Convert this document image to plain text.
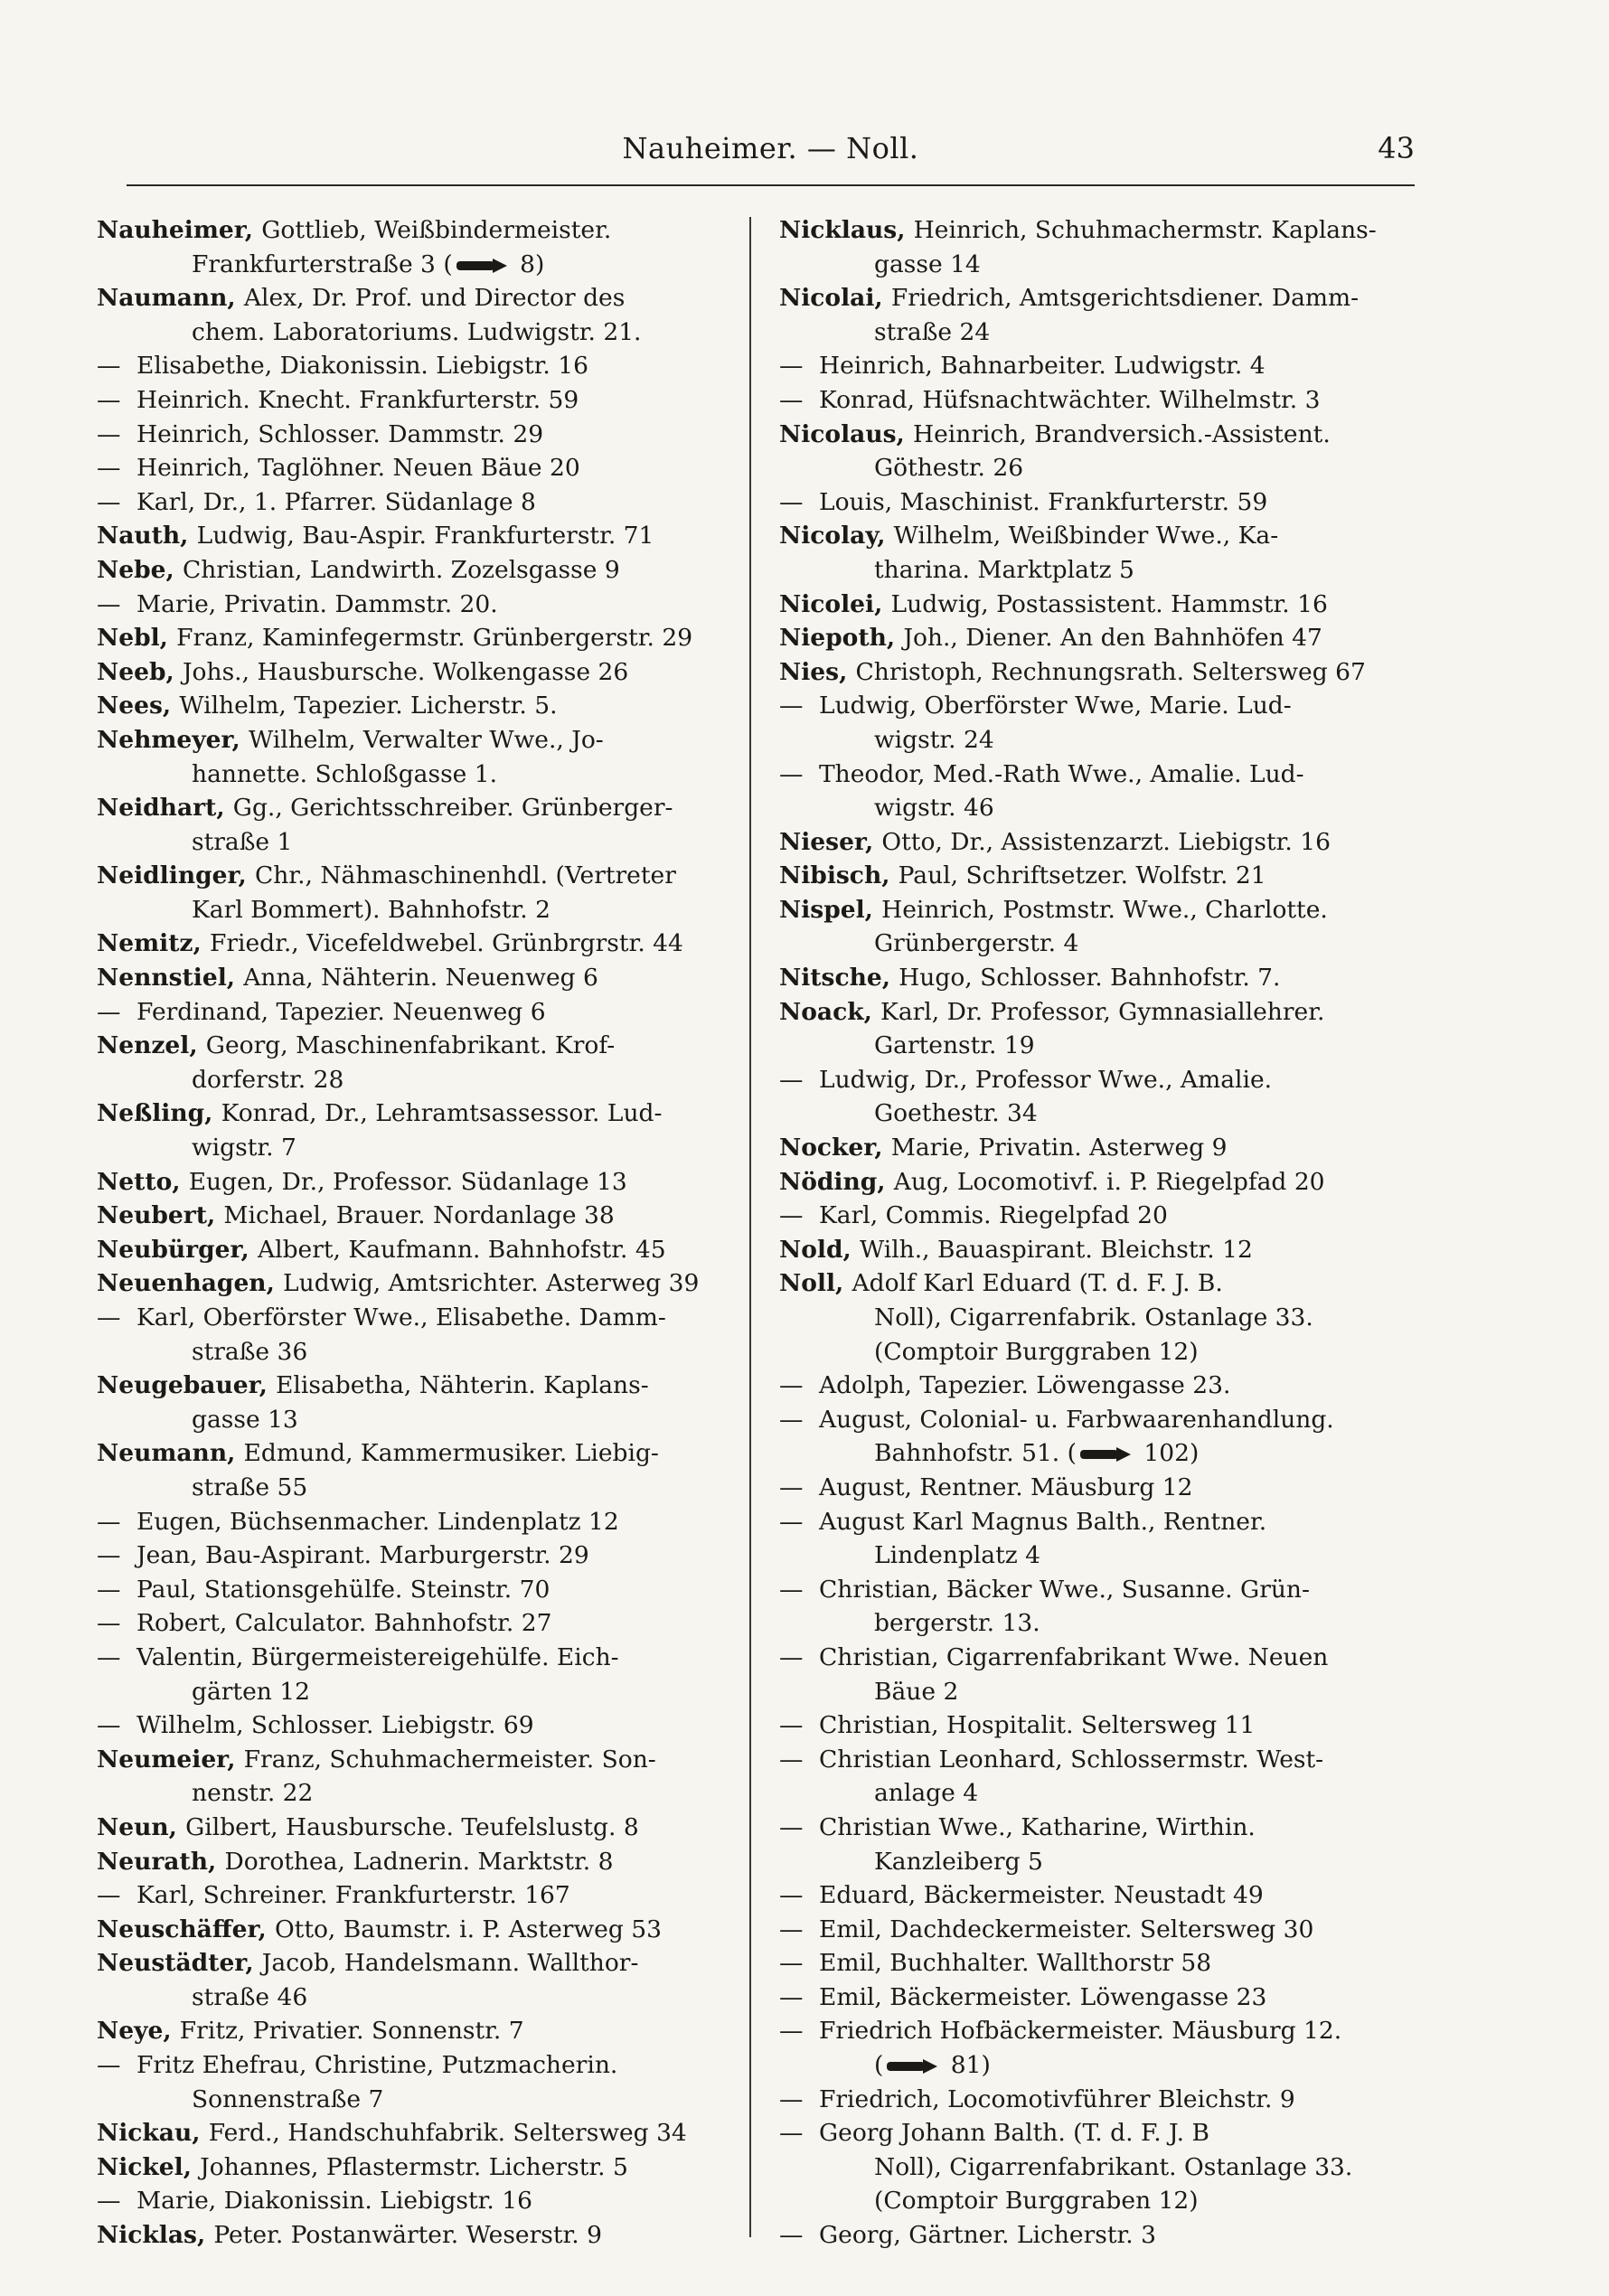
Nauheimer. — Noll.	43
Nauheimer, Gottlieb, Weißbindermeister.
Frankfurterstraße 3 ( 8)
Naumann, Alex, Dr. Prof. und Director des
chem. Laboratoriums. Ludwigstr. 21.
— Elisabethe, Diakonissin. Liebigstr. 16
— Heinrich. Knecht. Frankfurterstr. 59
— Heinrich, Schlosser. Dammstr. 29
— Heinrich, Taglöhner. Neuen Bäue 20
— Karl, Dr., 1. Pfarrer. Südanlage 8
Nauth, Ludwig, Bau-Aspir. Frankfurterstr. 71
Nebe, Christian, Landwirth. Zozelsgasse 9
— Marie, Privatin. Dammstr. 20.
Nebl, Franz, Kaminfegermstr. Grünbergerstr. 29
Neeb, Johs., Hausbursche. Wolkengasse 26
Nees, Wilhelm, Tapezier. Licherstr. 5.
Nehmeyer, Wilhelm, Verwalter Wwe., Jo-
hannette. Schloßgasse 1.
Neidhart, Gg., Gerichtsschreiber. Grünberger-
straße 1
Neidlinger, Chr., Nähmaschinenhdl. (Vertreter
Karl Bommert). Bahnhofstr. 2
Nemitz, Friedr., Vicefeldwebel. Grünbrgrstr. 44
Nennstiel, Anna, Nähterin. Neuenweg 6
— Ferdinand, Tapezier. Neuenweg 6
Nenzel, Georg, Maschinenfabrikant. Krof-
dorferstr. 28
Neßling, Konrad, Dr., Lehramtsassessor. Lud-
wigstr. 7
Netto, Eugen, Dr., Professor. Südanlage 13
Neubert, Michael, Brauer. Nordanlage 38
Neubürger, Albert, Kaufmann. Bahnhofstr. 45
Neuenhagen, Ludwig, Amtsrichter. Asterweg 39
— Karl, Oberförster Wwe., Elisabethe. Damm-
straße 36
Neugebauer, Elisabetha, Nähterin. Kaplans-
gasse 13
Neumann, Edmund, Kammermusiker. Liebig-
straße 55
— Eugen, Büchsenmacher. Lindenplatz 12
— Jean, Bau-Aspirant. Marburgerstr. 29
— Paul, Stationsgehülfe. Steinstr. 70
— Robert, Calculator. Bahnhofstr. 27
— Valentin, Bürgermeistereigehülfe. Eich-
gärten 12
— Wilhelm, Schlosser. Liebigstr. 69
Neumeier, Franz, Schuhmachermeister. Son-
nenstr. 22
Neun, Gilbert, Hausbursche. Teufelslustg. 8
Neurath, Dorothea, Ladnerin. Marktstr. 8
— Karl, Schreiner. Frankfurterstr. 167
Neuschäffer, Otto, Baumstr. i. P. Asterweg 53
Neustädter, Jacob, Handelsmann. Wallthor-
straße 46
Neye, Fritz, Privatier. Sonnenstr. 7
— Fritz Ehefrau, Christine, Putzmacherin.
Sonnenstraße 7
Nickau, Ferd., Handschuhfabrik. Seltersweg 34
Nickel, Johannes, Pflastermstr. Licherstr. 5
— Marie, Diakonissin. Liebigstr. 16
Nicklas, Peter. Postanwärter. Weserstr. 9
Nicklaus, Heinrich, Schuhmachermstr. Kaplans-
gasse 14
Nicolai, Friedrich, Amtsgerichtsdiener. Damm-
straße 24
— Heinrich, Bahnarbeiter. Ludwigstr. 4
— Konrad, Hüfsnachtwächter. Wilhelmstr. 3
Nicolaus, Heinrich, Brandversich.-Assistent.
Göthestr. 26
— Louis, Maschinist. Frankfurterstr. 59
Nicolay, Wilhelm, Weißbinder Wwe., Ka-
tharina. Marktplatz 5
Nicolei, Ludwig, Postassistent. Hammstr. 16
Niepoth, Joh., Diener. An den Bahnhöfen 47
Nies, Christoph, Rechnungsrath. Seltersweg 67
— Ludwig, Oberförster Wwe, Marie. Lud-
wigstr. 24
— Theodor, Med.-Rath Wwe., Amalie. Lud-
wigstr. 46
Nieser, Otto, Dr., Assistenzarzt. Liebigstr. 16
Nibisch, Paul, Schriftsetzer. Wolfstr. 21
Nispel, Heinrich, Postmstr. Wwe., Charlotte.
Grünbergerstr. 4
Nitsche, Hugo, Schlosser. Bahnhofstr. 7.
Noack, Karl, Dr. Professor, Gymnasiallehrer.
Gartenstr. 19
— Ludwig, Dr., Professor Wwe., Amalie.
Goethestr. 34
Nocker, Marie, Privatin. Asterweg 9
Nöding, Aug, Locomotivf. i. P. Riegelpfad 20
— Karl, Commis. Riegelpfad 20
Nold, Wilh., Bauaspirant. Bleichstr. 12
Noll, Adolf Karl Eduard (T. d. F. J. B.
Noll), Cigarrenfabrik. Ostanlage 33.
(Comptoir Burggraben 12)
— Adolph, Tapezier. Löwengasse 23.
— August, Colonial- u. Farbwaarenhandlung.
Bahnhofstr. 51. ( 102)
— August, Rentner. Mäusburg 12
— August Karl Magnus Balth., Rentner.
Lindenplatz 4
— Christian, Bäcker Wwe., Susanne. Grün-
bergerstr. 13.
— Christian, Cigarrenfabrikant Wwe. Neuen
Bäue 2
— Christian, Hospitalit. Seltersweg 11
— Christian Leonhard, Schlossermstr. West-
anlage 4
— Christian Wwe., Katharine, Wirthin.
Kanzleiberg 5
— Eduard, Bäckermeister. Neustadt 49
— Emil, Dachdeckermeister. Seltersweg 30
— Emil, Buchhalter. Wallthorstr 58
— Emil, Bäckermeister. Löwengasse 23
— Friedrich Hofbäckermeister. Mäusburg 12.
( 81)
— Friedrich, Locomotivführer Bleichstr. 9
— Georg Johann Balth. (T. d. F. J. B
Noll), Cigarrenfabrikant. Ostanlage 33.
(Comptoir Burggraben 12)
— Georg, Gärtner. Licherstr. 3
